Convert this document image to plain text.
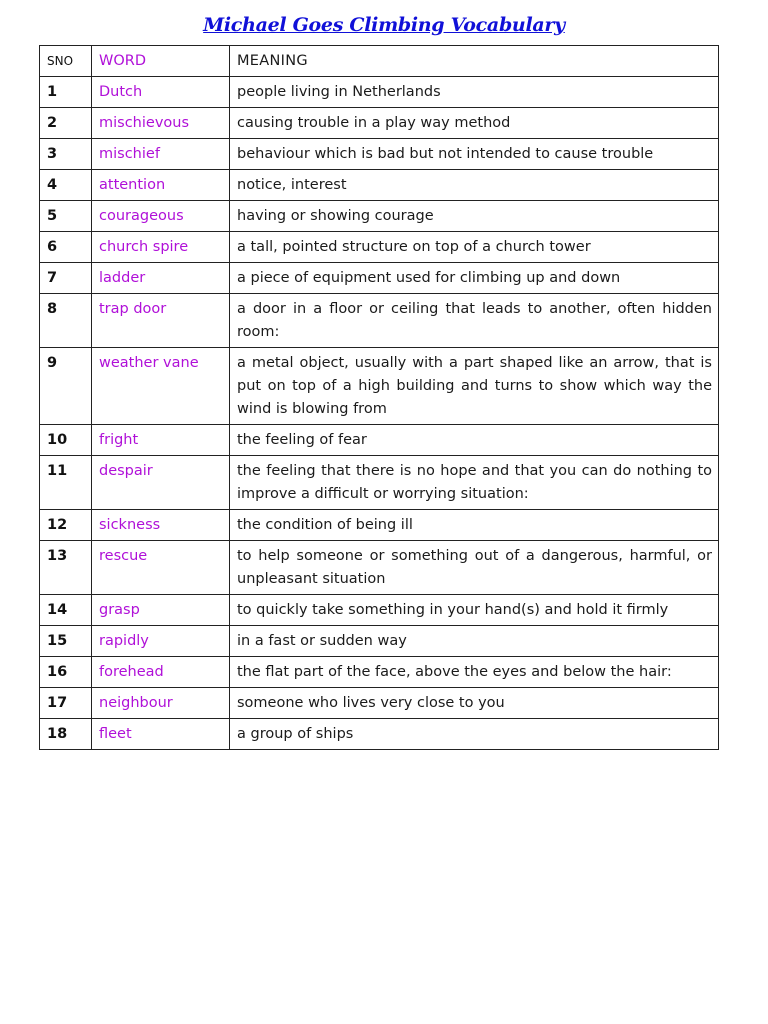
Michael Goes Climbing Vocabulary
SNO	WORD	MEANING
1	Dutch	people living in Netherlands
2	mischievous	causing trouble in a play way method
3	mischief	behaviour which is bad but not intended to cause trouble
4	attention	notice, interest
5	courageous	having or showing courage
6	church spire	a tall, pointed structure on top of a church tower
7	ladder	a piece of equipment used for climbing up and down
8	trap door	a door in a floor or ceiling that leads to another, often hidden room:
9	weather vane	a metal object, usually with a part shaped like an arrow, that is put on top of a high building and turns to show which way the wind is blowing from
10	fright	the feeling of fear
11	despair	the feeling that there is no hope and that you can do nothing to improve a difficult or worrying situation:
12	sickness	the condition of being ill
13	rescue	to help someone or something out of a dangerous, harmful, or unpleasant situation
14	grasp	to quickly take something in your hand(s) and hold it firmly
15	rapidly	in a fast or sudden way
16	forehead	the flat part of the face, above the eyes and below the hair:
17	neighbour	someone who lives very close to you
18	fleet	a group of ships
